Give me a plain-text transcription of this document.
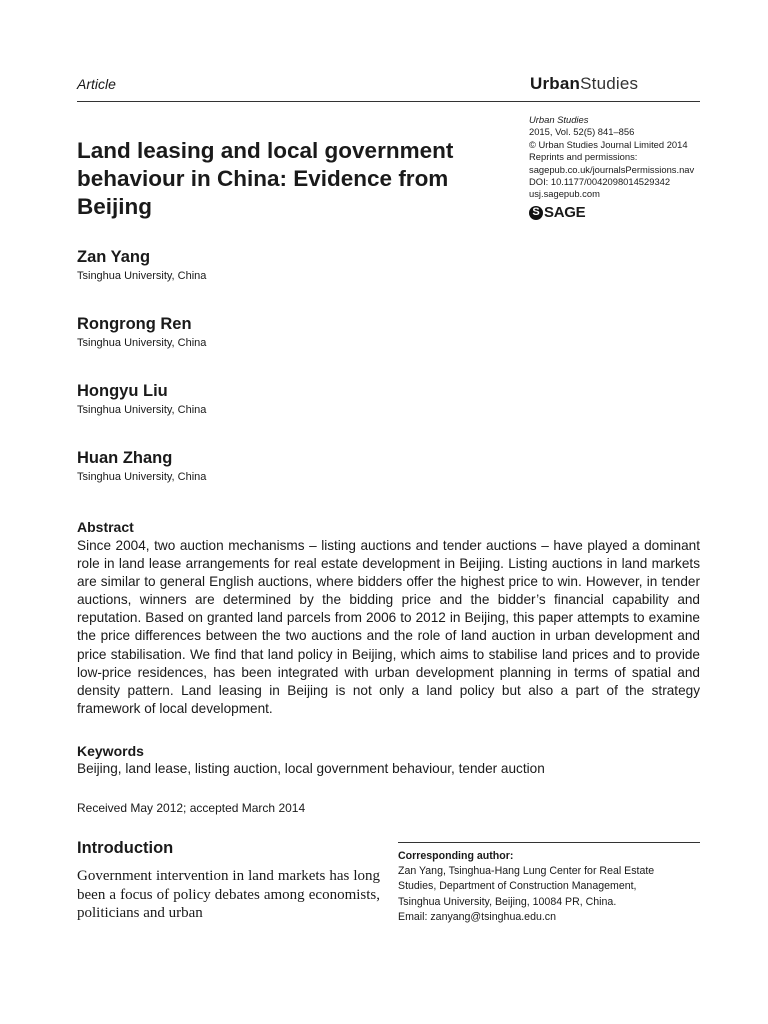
Article	UrbanStudies
Land leasing and local government behaviour in China: Evidence from Beijing
Urban Studies
2015, Vol. 52(5) 841–856
© Urban Studies Journal Limited 2014
Reprints and permissions:
sagepub.co.uk/journalsPermissions.nav
DOI: 10.1177/0042098014529342
usj.sagepub.com
S SAGE
Zan Yang
Tsinghua University, China
Rongrong Ren
Tsinghua University, China
Hongyu Liu
Tsinghua University, China
Huan Zhang
Tsinghua University, China
Abstract
Since 2004, two auction mechanisms – listing auctions and tender auctions – have played a dominant role in land lease arrangements for real estate development in Beijing. Listing auctions in land markets are similar to general English auctions, where bidders offer the highest price to win. However, in tender auctions, winners are determined by the bidding price and the bidder’s financial capability and reputation. Based on granted land parcels from 2006 to 2012 in Beijing, this paper attempts to examine the price differences between the two auctions and the role of land auction in urban development and price stabilisation. We find that land policy in Beijing, which aims to stabilise land prices and to provide low-price residences, has been integrated with urban development planning in terms of spatial and density pattern. Land leasing in Beijing is not only a land policy but also a part of the strategy framework of local development.
Keywords
Beijing, land lease, listing auction, local government behaviour, tender auction
Received May 2012; accepted March 2014
Introduction
Government intervention in land markets has long been a focus of policy debates among economists, politicians and urban
Corresponding author:
Zan Yang, Tsinghua-Hang Lung Center for Real Estate
Studies, Department of Construction Management,
Tsinghua University, Beijing, 10084 PR, China.
Email: zanyang@tsinghua.edu.cn
